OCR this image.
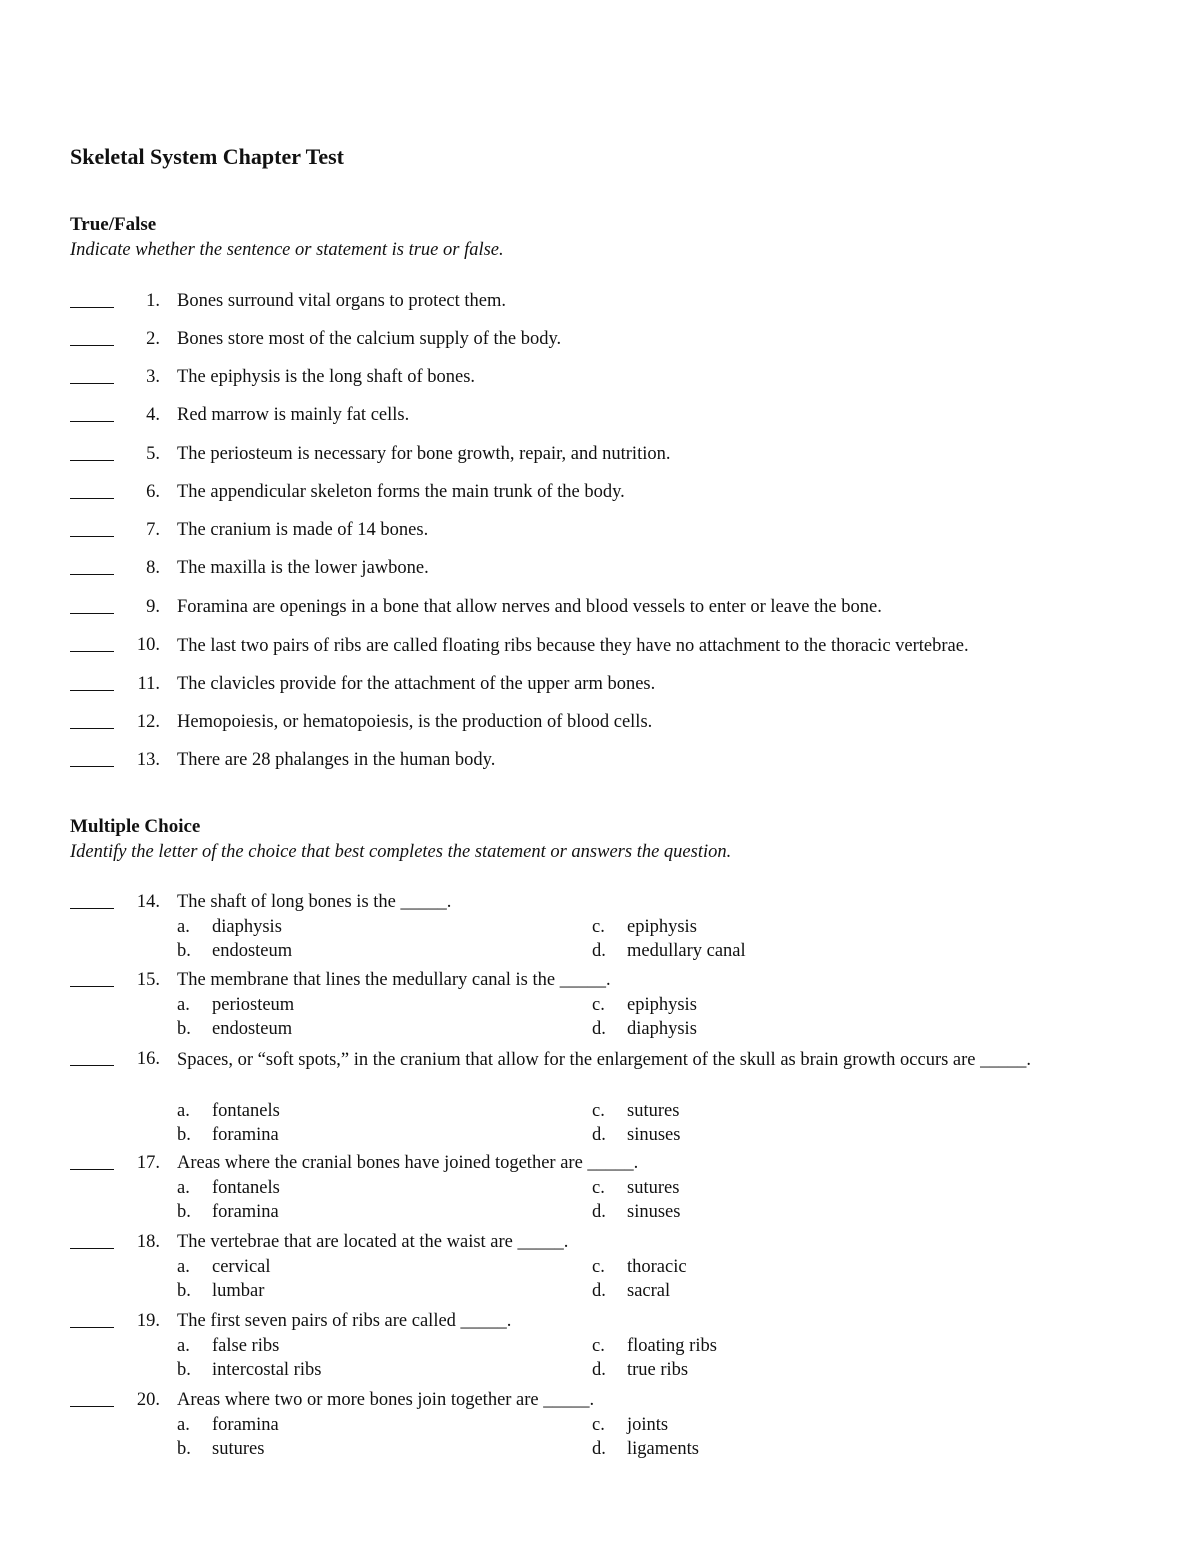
Skeletal System Chapter Test
True/False

Indicate whether the sentence or statement is true or false.

1. Bones surround vital organs to protect them.
2. Bones store most of the calcium supply of the body.
3. The epiphysis is the long shaft of bones.
4. Red marrow is mainly fat cells.
5. The periosteum is necessary for bone growth, repair, and nutrition.
6. The appendicular skeleton forms the main trunk of the body.
7. The cranium is made of 14 bones.
8. The maxilla is the lower jawbone.
9. Foramina are openings in a bone that allow nerves and blood vessels to enter or leave the bone.
10. The last two pairs of ribs are called floating ribs because they have no attachment to the thoracic vertebrae.
11. The clavicles provide for the attachment of the upper arm bones.
12. Hemopoiesis, or hematopoiesis, is the production of blood cells.
13. There are 28 phalanges in the human body.
Multiple Choice

Identify the letter of the choice that best completes the statement or answers the question.

14. The shaft of long bones is the _____.
a. diaphysis
b. endosteum
c. epiphysis
d. medullary canal
15. The membrane that lines the medullary canal is the _____.
a. periosteum
b. endosteum
c. epiphysis
d. diaphysis
16. Spaces, or “soft spots,” in the cranium that allow for the enlargement of the skull as brain growth occurs are _____.
a. fontanels
b. foramina
c. sutures
d. sinuses
17. Areas where the cranial bones have joined together are _____.
a. fontanels
b. foramina
c. sutures
d. sinuses
18. The vertebrae that are located at the waist are _____.
a. cervical
b. lumbar
c. thoracic
d. sacral
19. The first seven pairs of ribs are called _____.
a. false ribs
b. intercostal ribs
c. floating ribs
d. true ribs
20. Areas where two or more bones join together are _____.
a. foramina
b. sutures
c. joints
d. ligaments
